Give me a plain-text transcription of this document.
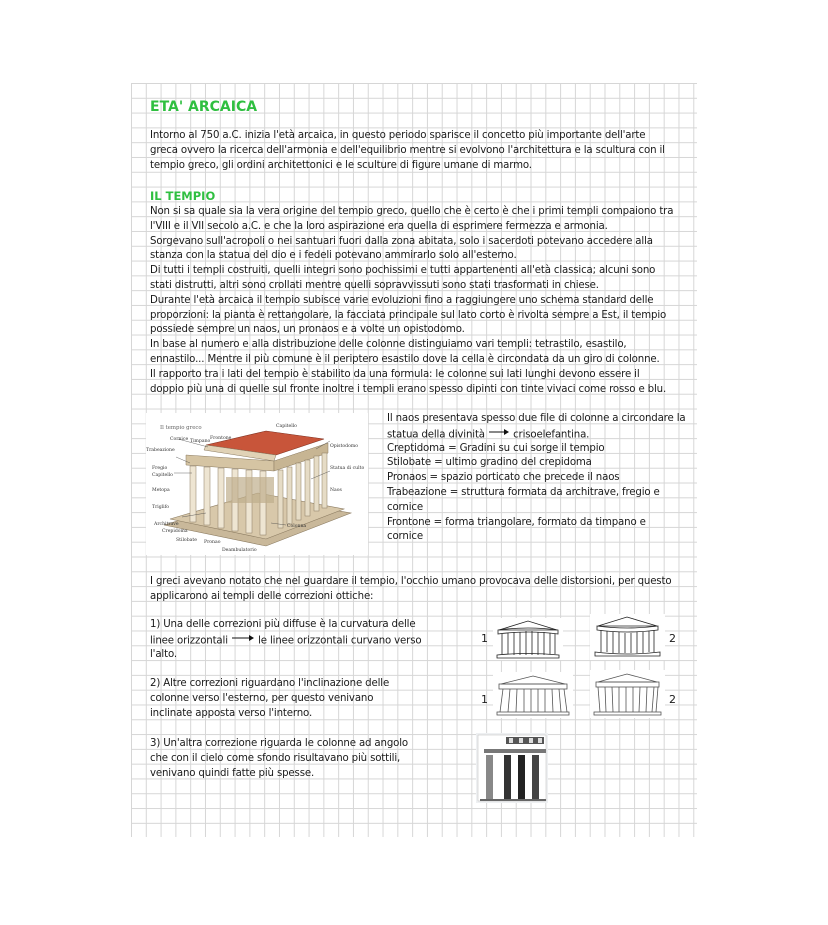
ETA' ARCAICA
Intorno al 750 a.C. inizia l'età arcaica, in questo periodo sparisce il concetto più importante dell'arte
greca ovvero la ricerca dell'armonia e dell'equilibrio mentre si evolvono l'architettura e la scultura con il
tempio greco, gli ordini architettonici e le sculture di figure umane di marmo.
IL TEMPIO
Non si sa quale sia la vera origine del tempio greco, quello che è certo è che i primi templi compaiono tra
l'VIII e il VII secolo a.C. e che la loro aspirazione era quella di esprimere fermezza e armonia.
Sorgevano sull'acropoli o nei santuari fuori dalla zona abitata, solo i sacerdoti potevano accedere alla
stanza con la statua del dio e i fedeli potevano ammirarlo solo all'esterno.
Di tutti i templi costruiti, quelli integri sono pochissimi e tutti appartenenti all'età classica; alcuni sono
stati distrutti, altri sono crollati mentre quelli sopravvissuti sono stati trasformati in chiese.
Durante l'età arcaica il tempio subisce varie evoluzioni fino a raggiungere uno schema standard delle
proporzioni: la pianta è rettangolare, la facciata principale sul lato corto è rivolta sempre a Est, il tempio
possiede sempre un naos, un pronaos e a volte un opistodomo.
In base al numero e alla distribuzione delle colonne distinguiamo vari templi: tetrastilo, esastilo,
ennastilo... Mentre il più comune è il periptero esastilo dove la cella è circondata da un giro di colonne.
Il rapporto tra i lati del tempio è stabilito da una formula: le colonne sui lati lunghi devono essere il
doppio più una di quelle sul fronte inoltre i templi erano spesso dipinti con tinte vivaci come rosso e blu.
Il tempio greco	Capitello
Cornice Timpano
Frontone
Trabeazione
Opistodomo
Fregio
Capitello
Statua di culto
Metopa	Naos
Triglifo
Architrave
Crepidoma
Colonna
Stilobate Pronao
Deambulatorio
Il naos presentava spesso due file di colonne a circondare la
statua della divinità	crisoelefantina.
Creptidoma = Gradini su cui sorge il tempio
Stilobate = ultimo gradino del crepidoma
Pronaos = spazio porticato che precede il naos
Trabeazione = struttura formata da architrave, fregio e
cornice
Frontone = forma triangolare, formato da timpano e
cornice
I greci avevano notato che nel guardare il tempio, l'occhio umano provocava delle distorsioni, per questo
applicarono ai templi delle correzioni ottiche:
1) Una delle correzioni più diffuse è la curvatura delle
linee orizzontali	le linee orizzontali curvano verso
l'alto.
1	2
2) Altre correzioni riguardano l'inclinazione delle
colonne verso l'esterno, per questo venivano
inclinate apposta verso l'interno.
1	2
3) Un'altra correzione riguarda le colonne ad angolo
che con il cielo come sfondo risultavano più sottili,
venivano quindi fatte più spesse.
